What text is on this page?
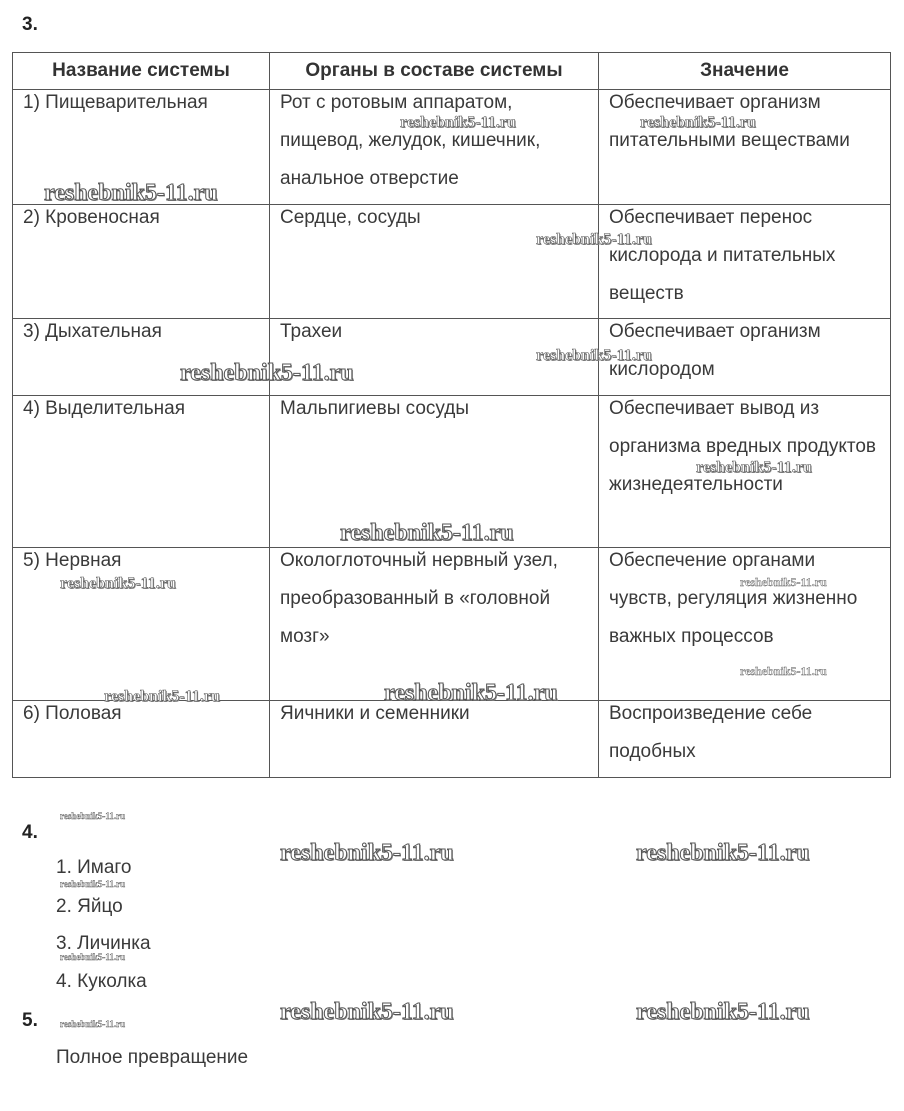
3.
Название системы	Органы в составе системы	Значение

1) Пищеварительная	Рот с ротовым аппаратом, пищевод, желудок, кишечник, анальное отверстие	Обеспечивает организм питательными веществами

2) Кровеносная	Сердце, сосуды	Обеспечивает перенос кислорода и питательных веществ

3) Дыхательная	Трахеи	Обеспечивает организм кислородом

4) Выделительная	Мальпигиевы сосуды	Обеспечивает вывод из организма вредных продуктов жизнедеятельности

5) Нервная	Окологлоточный нервный узел, преобразованный в «головной мозг»	Обеспечение органами чувств, регуляция жизненно важных процессов

6) Половая	Яичники и семенники	Воспроизведение себе подобных
4.
1. Имаго
2. Яйцо
3. Личинка
4. Куколка
5.
Полное превращение
reshebnik5-11.ru
reshebnik5-11.ru	reshebnik5-11.ru
reshebnik5-11.ru
reshebnik5-11.ru
reshebnik5-11.ru
reshebnik5-11.ru
reshebnik5-11.ru
reshebnik5-11.ru	reshebnik5-11.ru
reshebnik5-11.ru
reshebnik5-11.ru	reshebnik5-11.ru
reshebnik5-11.ru
reshebnik5-11.ru	reshebnik5-11.ru
reshebnik5-11.ru
reshebnik5-11.ru
reshebnik5-11.ru	reshebnik5-11.ru
reshebnik5-11.ru
